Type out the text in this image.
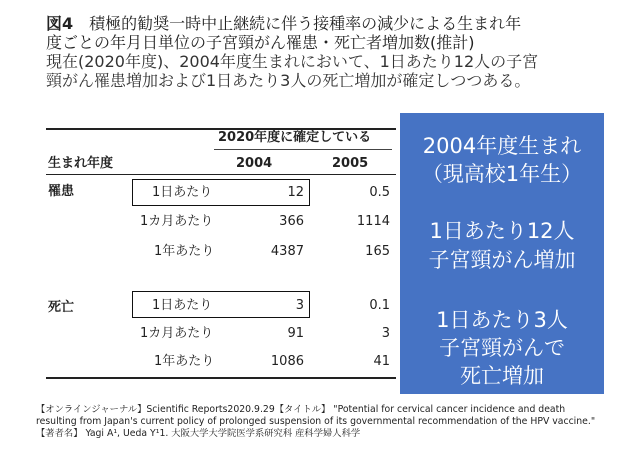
図4　積極的勧奨一時中止継続に伴う接種率の減少による生まれ年
度ごとの年月日単位の子宮頸がん罹患・死亡者増加数(推計)
現在(2020年度)、2004年度生まれにおいて、1日あたり12人の子宮
頸がん罹患増加および1日あたり3人の死亡増加が確定しつつある。
2020年度に確定している
生まれ年度	2004	2005
罹患	1日あたり	12	0.5
1カ月あたり	366	1114
1年あたり	4387	165
死亡	1日あたり	3	0.1
1カ月あたり	91	3
1年あたり	1086	41
2004年度生まれ
（現高校1年生）
1日あたり12人
子宮頸がん増加
1日あたり3人
子宮頸がんで
死亡増加
【オンラインジャーナル】Scientific Reports2020.9.29【タイトル】 "Potential for cervical cancer incidence and death
resulting from Japan's current policy of prolonged suspension of its governmental recommendation of the HPV vaccine."
【著者名】 Yagi A¹, Ueda Y¹1. 大阪大学大学院医学系研究科 産科学婦人科学
